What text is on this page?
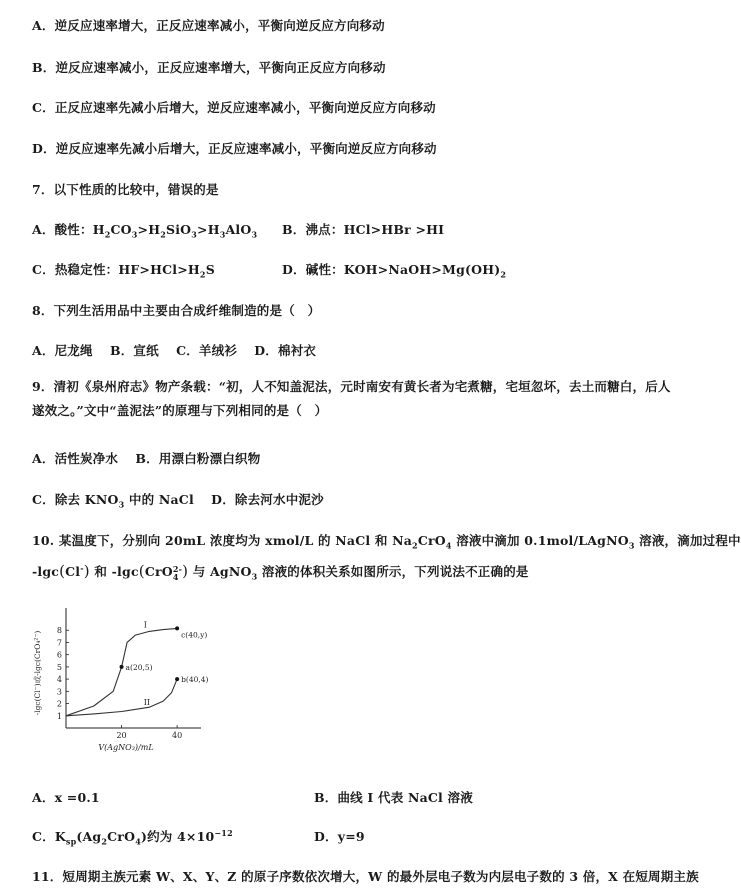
A．逆反应速率增大，正反应速率减小，平衡向逆反应方向移动
B．逆反应速率减小，正反应速率增大，平衡向正反应方向移动
C．正反应速率先减小后增大，逆反应速率减小，平衡向逆反应方向移动
D．逆反应速率先减小后增大，正反应速率减小，平衡向逆反应方向移动
7．以下性质的比较中，错误的是
A．酸性：$H_2CO_3>H_2SiO_3>H_3AlO_3$ B．沸点：HCl>HBr >HI
C．热稳定性：$HF>HCl>H_2S$	D．碱性：$KOH>NaOH>Mg(OH)_2$
8．下列生活用品中主要由合成纤维制造的是（　）
A．尼龙绳　 B．宣纸　 C．羊绒衫　 D．棉衬衣
9．清初《泉州府志》物产条载：“初，人不知盖泥法，元时南安有黄长者为宅煮糖，宅垣忽坏，去土而糖白，后人遂效之。”文中“盖泥法”的原理与下列相同的是（　）
A．活性炭净水　 B．用漂白粉漂白织物
C．除去 $KNO_3$ 中的 NaCl　 D．除去河水中泥沙
10. 某温度下，分别向 20mL 浓度均为 xmol/L 的 NaCl 和 $Na_2CrO_4$ 溶液中滴加 0.1mol/LAgNO$_3$ 溶液，滴加过程中
-lgc(Cl-) 和 -lgc(CrO2-
4 ) 与 AgNO$_3$ 溶液的体积关系如图所示，下列说法不正确的是
1
2
3
4
5
6
7
8
20	40
V(AgNO₃)/mL
-lgc(Cl⁻)或-lgc(CrO₄²⁻)
I
II
a(20,5)
b(40,4)
c(40,y)
A．x =0.1	B．曲线 I 代表 NaCl 溶液
C．$K_{sp}(Ag_2CrO_4)$约为 $4\times 10^{-12}$	D．y=9
11．短周期主族元素 W、X、Y、Z 的原子序数依次增大，W 的最外层电子数为内层电子数的 3 倍，X 在短周期主族
